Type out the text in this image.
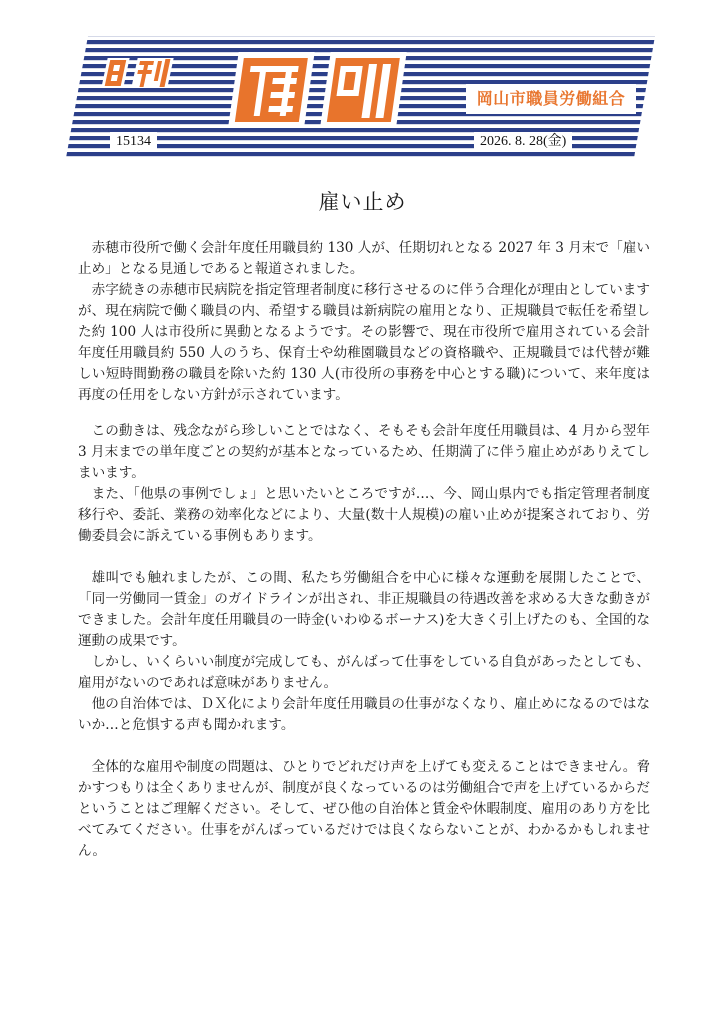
15134	2026. 8. 28(金)
岡山市職員労働組合
雇い止め

赤穂市役所で働く会計年度任用職員約 130 人が、任期切れとなる 2027 年 3 月末で「雇い止め」となる見通しであると報道されました。

赤字続きの赤穂市民病院を指定管理者制度に移行させるのに伴う合理化が理由としていますが、現在病院で働く職員の内、希望する職員は新病院の雇用となり、正規職員で転任を希望した約 100 人は市役所に異動となるようです。その影響で、現在市役所で雇用されている会計年度任用職員約 550 人のうち、保育士や幼稚園職員などの資格職や、正規職員では代替が難しい短時間勤務の職員を除いた約 130 人(市役所の事務を中心とする職)について、来年度は再度の任用をしない方針が示されています。

この動きは、残念ながら珍しいことではなく、そもそも会計年度任用職員は、4 月から翌年 3 月末までの単年度ごとの契約が基本となっているため、任期満了に伴う雇止めがありえてしまいます。

また、「他県の事例でしょ」と思いたいところですが…、今、岡山県内でも指定管理者制度移行や、委託、業務の効率化などにより、大量(数十人規模)の雇い止めが提案されており、労働委員会に訴えている事例もあります。

雄叫でも触れましたが、この間、私たち労働組合を中心に様々な運動を展開したことで、「同一労働同一賃金」のガイドラインが出され、非正規職員の待遇改善を求める大きな動きができました。会計年度任用職員の一時金(いわゆるボーナス)を大きく引上げたのも、全国的な運動の成果です。

しかし、いくらいい制度が完成しても、がんばって仕事をしている自負があったとしても、雇用がないのであれば意味がありません。

他の自治体では、ＤＸ化により会計年度任用職員の仕事がなくなり、雇止めになるのではないか…と危惧する声も聞かれます。

全体的な雇用や制度の問題は、ひとりでどれだけ声を上げても変えることはできません。脅かすつもりは全くありませんが、制度が良くなっているのは労働組合で声を上げているからだということはご理解ください。そして、ぜひ他の自治体と賃金や休暇制度、雇用のあり方を比べてみてください。仕事をがんばっているだけでは良くならないことが、わかるかもしれません。
